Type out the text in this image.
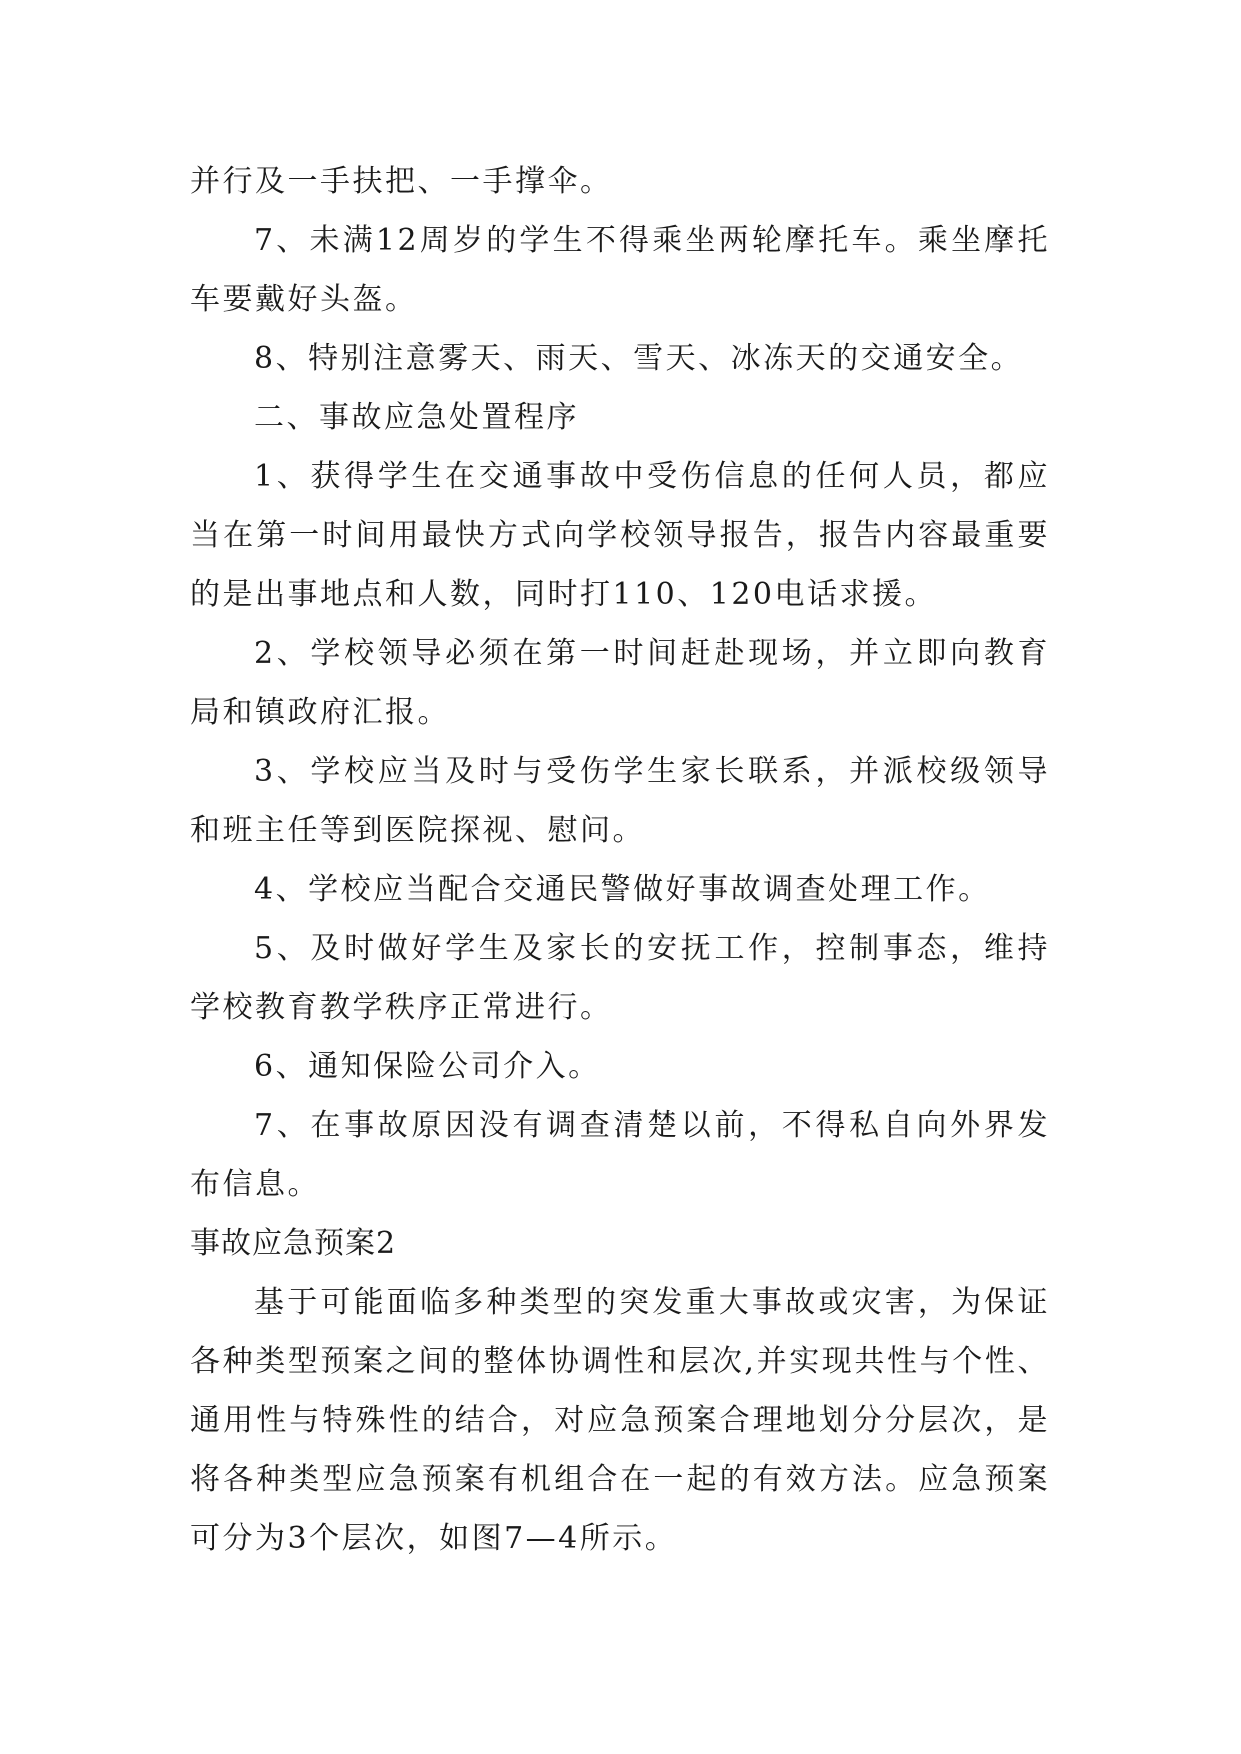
并行及一手扶把、一手撑伞。

7、未满12周岁的学生不得乘坐两轮摩托车。乘坐摩托车要戴好头盔。

8、特别注意雾天、雨天、雪天、冰冻天的交通安全。

二、事故应急处置程序

1、获得学生在交通事故中受伤信息的任何人员，都应当在第一时间用最快方式向学校领导报告，报告内容最重要的是出事地点和人数，同时打110、120电话求援。

2、学校领导必须在第一时间赶赴现场，并立即向教育局和镇政府汇报。

3、学校应当及时与受伤学生家长联系，并派校级领导和班主任等到医院探视、慰问。

4、学校应当配合交通民警做好事故调查处理工作。

5、及时做好学生及家长的安抚工作，控制事态，维持学校教育教学秩序正常进行。

6、通知保险公司介入。

7、在事故原因没有调查清楚以前，不得私自向外界发布信息。

事故应急预案2

基于可能面临多种类型的突发重大事故或灾害，为保证各种类型预案之间的整体协调性和层次,并实现共性与个性、通用性与特殊性的结合，对应急预案合理地划分分层次，是将各种类型应急预案有机组合在一起的有效方法。应急预案可分为3个层次，如图7—4所示。
